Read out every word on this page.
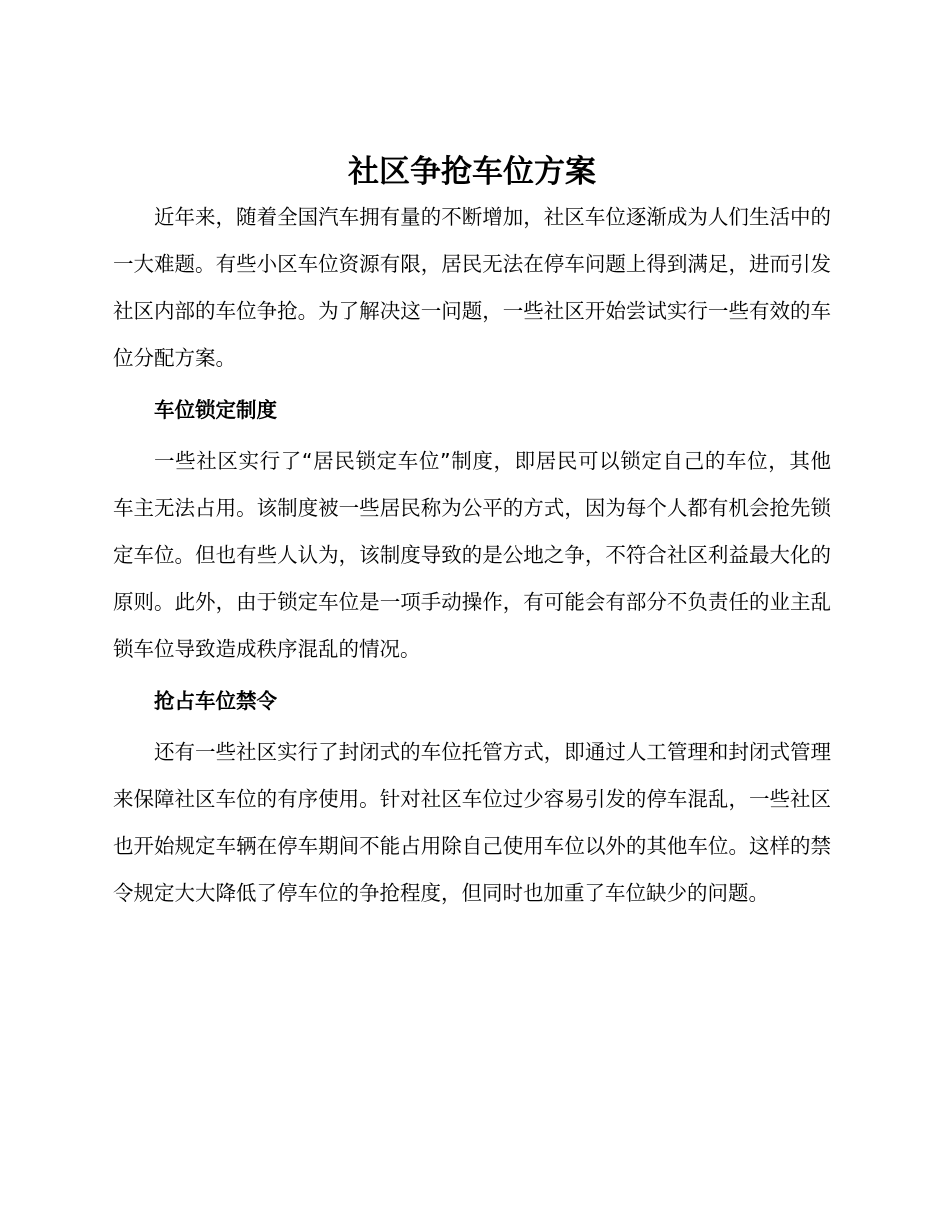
社区争抢车位方案

近年来，随着全国汽车拥有量的不断增加，社区车位逐渐成为人们生活中的一大难题。有些小区车位资源有限，居民无法在停车问题上得到满足，进而引发社区内部的车位争抢。为了解决这一问题，一些社区开始尝试实行一些有效的车位分配方案。

车位锁定制度

一些社区实行了“居民锁定车位”制度，即居民可以锁定自己的车位，其他车主无法占用。该制度被一些居民称为公平的方式，因为每个人都有机会抢先锁定车位。但也有些人认为，该制度导致的是公地之争，不符合社区利益最大化的原则。此外，由于锁定车位是一项手动操作，有可能会有部分不负责任的业主乱锁车位导致造成秩序混乱的情况。

抢占车位禁令

还有一些社区实行了封闭式的车位托管方式，即通过人工管理和封闭式管理来保障社区车位的有序使用。针对社区车位过少容易引发的停车混乱，一些社区也开始规定车辆在停车期间不能占用除自己使用车位以外的其他车位。这样的禁令规定大大降低了停车位的争抢程度，但同时也加重了车位缺少的问题。
